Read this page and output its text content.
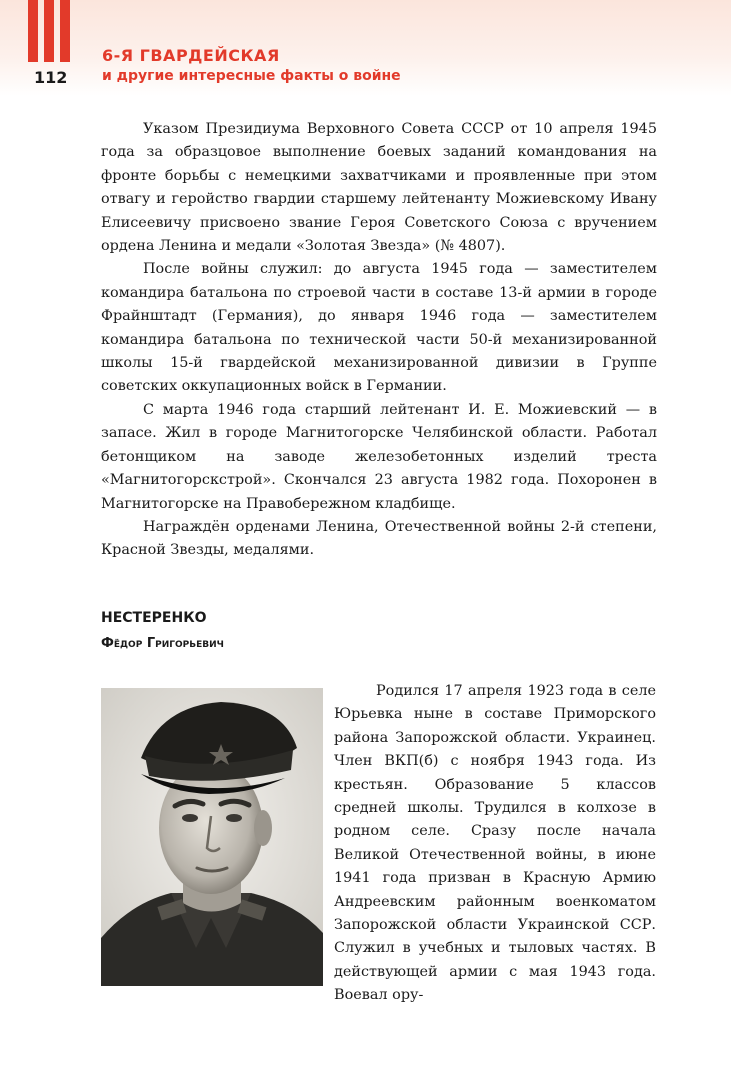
112
6-Я ГВАРДЕЙСКАЯ
и другие интересные факты о войне

Указом Президиума Верховного Совета СССР от 10 апреля 1945 года за образцовое выполнение боевых заданий командования на фронте борьбы с немецкими захватчиками и проявленные при этом отвагу и геройство гвардии старшему лейтенанту Можиевскому Ивану Елисеевичу присвоено звание Героя Советского Союза с вручением ордена Ленина и медали «Золотая Звезда» (№ 4807).

После войны служил: до августа 1945 года — заместителем командира батальона по строевой части в составе 13-й армии в городе Фрайнштадт (Германия), до января 1946 года — заместителем командира батальона по технической части 50-й механизированной школы 15-й гвардейской механизированной дивизии в Группе советских оккупационных войск в Германии.

С марта 1946 года старший лейтенант И. Е. Можиевский — в запасе. Жил в городе Магнитогорске Челябинской области. Работал бетонщиком на заводе железобетонных изделий треста «Магнитогорскстрой». Скончался 23 августа 1982 года. Похоронен в Магнитогорске на Правобережном кладбище.

Награждён орденами Ленина, Отечественной войны 2-й степени, Красной Звезды, медалями.

НЕСТЕРЕНКО
Фёдор Григорьевич

Родился 17 апреля 1923 года в селе Юрьевка ныне в составе Приморского района Запорожской области. Украинец. Член ВКП(б) с ноября 1943 года. Из крестьян. Образование 5 классов средней школы. Трудился в колхозе в родном селе. Сразу после начала Великой Отечественной войны, в июне 1941 года призван в Красную Армию Андреевским районным военкоматом Запорожской области Украинской ССР. Служил в учебных и тыловых частях. В действующей армии с мая 1943 года. Воевал ору-
